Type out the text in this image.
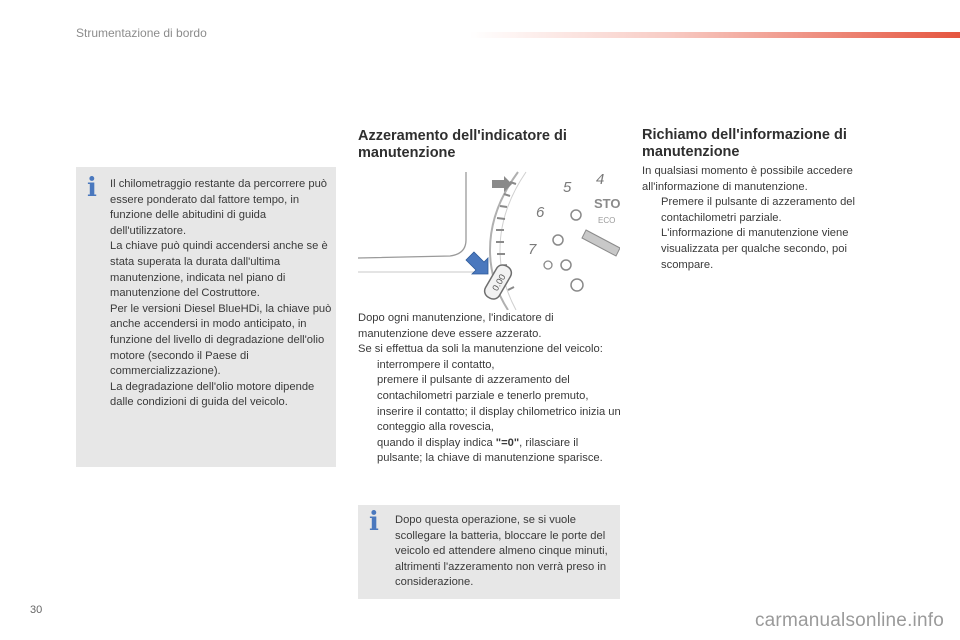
Strumentazione di bordo
i Il chilometraggio restante da percorrere può essere ponderato dal fattore tempo, in funzione delle abitudini di guida dell'utilizzatore.
La chiave può quindi accendersi anche se è stata superata la durata dall'ultima manutenzione, indicata nel piano di manutenzione del Costruttore.
Per le versioni Diesel BlueHDi, la chiave può anche accendersi in modo anticipato, in funzione del livello di degradazione dell'olio motore (secondo il Paese di commercializzazione).
La degradazione dell'olio motore dipende dalle condizioni di guida del veicolo.
Azzeramento dell'indicatore di manutenzione
4
5
6
7
STO
ECO
0.00
Dopo ogni manutenzione, l'indicatore di manutenzione deve essere azzerato.
Se si effettua da soli la manutenzione del veicolo:
interrompere il contatto,
premere il pulsante di azzeramento del contachilometri parziale e tenerlo premuto,
inserire il contatto; il display chilometrico inizia un conteggio alla rovescia,
quando il display indica "=0", rilasciare il pulsante; la chiave di manutenzione sparisce.
i Dopo questa operazione, se si vuole scollegare la batteria, bloccare le porte del veicolo ed attendere almeno cinque minuti, altrimenti l'azzeramento non verrà preso in considerazione.
Richiamo dell'informazione di manutenzione
In qualsiasi momento è possibile accedere all'informazione di manutenzione.
Premere il pulsante di azzeramento del contachilometri parziale.
L'informazione di manutenzione viene visualizzata per qualche secondo, poi scompare.
30	carmanualsonline.info
